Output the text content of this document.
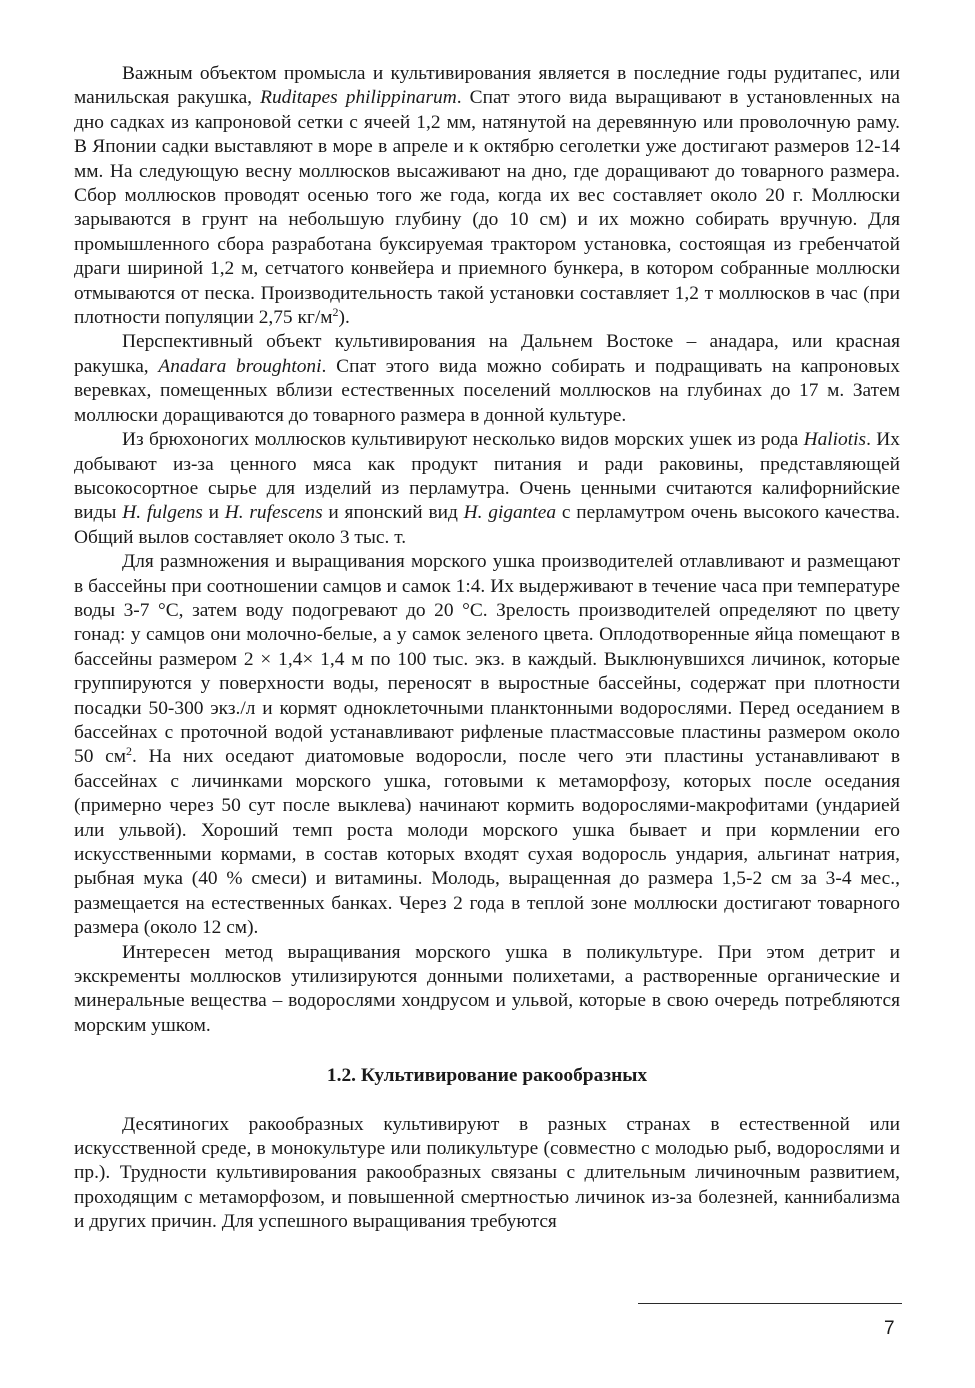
Важным объектом промысла и культивирования является в последние годы рудитапес, или манильская ракушка, Ruditapes philippinarum. Спат этого вида выращивают в установленных на дно садках из капроновой сетки с ячеей 1,2 мм, натянутой на деревянную или проволочную раму. В Японии садки выставляют в море в апреле и к октябрю сеголетки уже достигают размеров 12-14 мм. На следующую весну моллюсков высаживают на дно, где доращивают до товарного размера. Сбор моллюсков проводят осенью того же года, когда их вес составляет около 20 г. Моллюски зарываются в грунт на небольшую глубину (до 10 см) и их можно собирать вручную. Для промышленного сбора разработана буксируемая трактором установка, состоящая из гребенчатой драги шириной 1,2 м, сетчатого конвейера и приемного бункера, в котором собранные моллюски отмываются от песка. Производительность такой установки составляет 1,2 т моллюсков в час (при плотности популяции 2,75 $кг/м^2$).

Перспективный объект культивирования на Дальнем Востоке – анадара, или красная ракушка, Anadara broughtoni. Спат этого вида можно собирать и подращивать на капроновых веревках, помещенных вблизи естественных поселений моллюсков на глубинах до 17 м. Затем моллюски доращиваются до товарного размера в донной культуре.

Из брюхоногих моллюсков культивируют несколько видов морских ушек из рода Haliotis. Их добывают из-за ценного мяса как продукт питания и ради раковины, представляющей высокосортное сырье для изделий из перламутра. Очень ценными считаются калифорнийские виды H. fulgens и H. rufescens и японский вид H. gigantea с перламутром очень высокого качества. Общий вылов составляет около 3 тыс. т.

Для размножения и выращивания морского ушка производителей отлавливают и размещают в бассейны при соотношении самцов и самок 1:4. Их выдерживают в течение часа при температуре воды 3-7 °С, затем воду подогревают до 20 °С. Зрелость производителей определяют по цвету гонад: у самцов они молочно-белые, а у самок зеленого цвета. Оплодотворенные яйца помещают в бассейны размером 2 × 1,4× 1,4 м по 100 тыс. экз. в каждый. Выклюнувшихся личинок, которые группируются у поверхности воды, переносят в выростные бассейны, содержат при плотности посадки 50-300 экз./л и кормят одноклеточными планктонными водорослями. Перед оседанием в бассейнах с проточной водой устанавливают рифленые пластмассовые пластины размером около 50 $см^2$. На них оседают диатомовые водоросли, после чего эти пластины устанавливают в бассейнах с личинками морского ушка, готовыми к метаморфозу, которых после оседания (примерно через 50 сут после выклева) начинают кормить водорослями-макрофитами (ундарией или ульвой). Хороший темп роста молоди морского ушка бывает и при кормлении его искусственными кормами, в состав которых входят сухая водоросль ундария, альгинат натрия, рыбная мука (40 % смеси) и витамины. Молодь, выращенная до размера 1,5-2 см за 3-4 мес., размещается на естественных банках. Через 2 года в теплой зоне моллюски достигают товарного размера (около 12 см).

Интересен метод выращивания морского ушка в поликультуре. При этом детрит и экскременты моллюсков утилизируются донными полихетами, а растворенные органические и минеральные вещества – водорослями хондрусом и ульвой, которые в свою очередь потребляются морским ушком.

1.2. Культивирование ракообразных

Десятиногих ракообразных культивируют в разных странах в естественной или искусственной среде, в монокультуре или поликультуре (совместно с молодью рыб, водорослями и пр.). Трудности культивирования ракообразных связаны с длительным личиночным развитием, проходящим с метаморфозом, и повышенной смертностью личинок из-за болезней, каннибализма и других причин. Для успешного выращивания требуются

7
